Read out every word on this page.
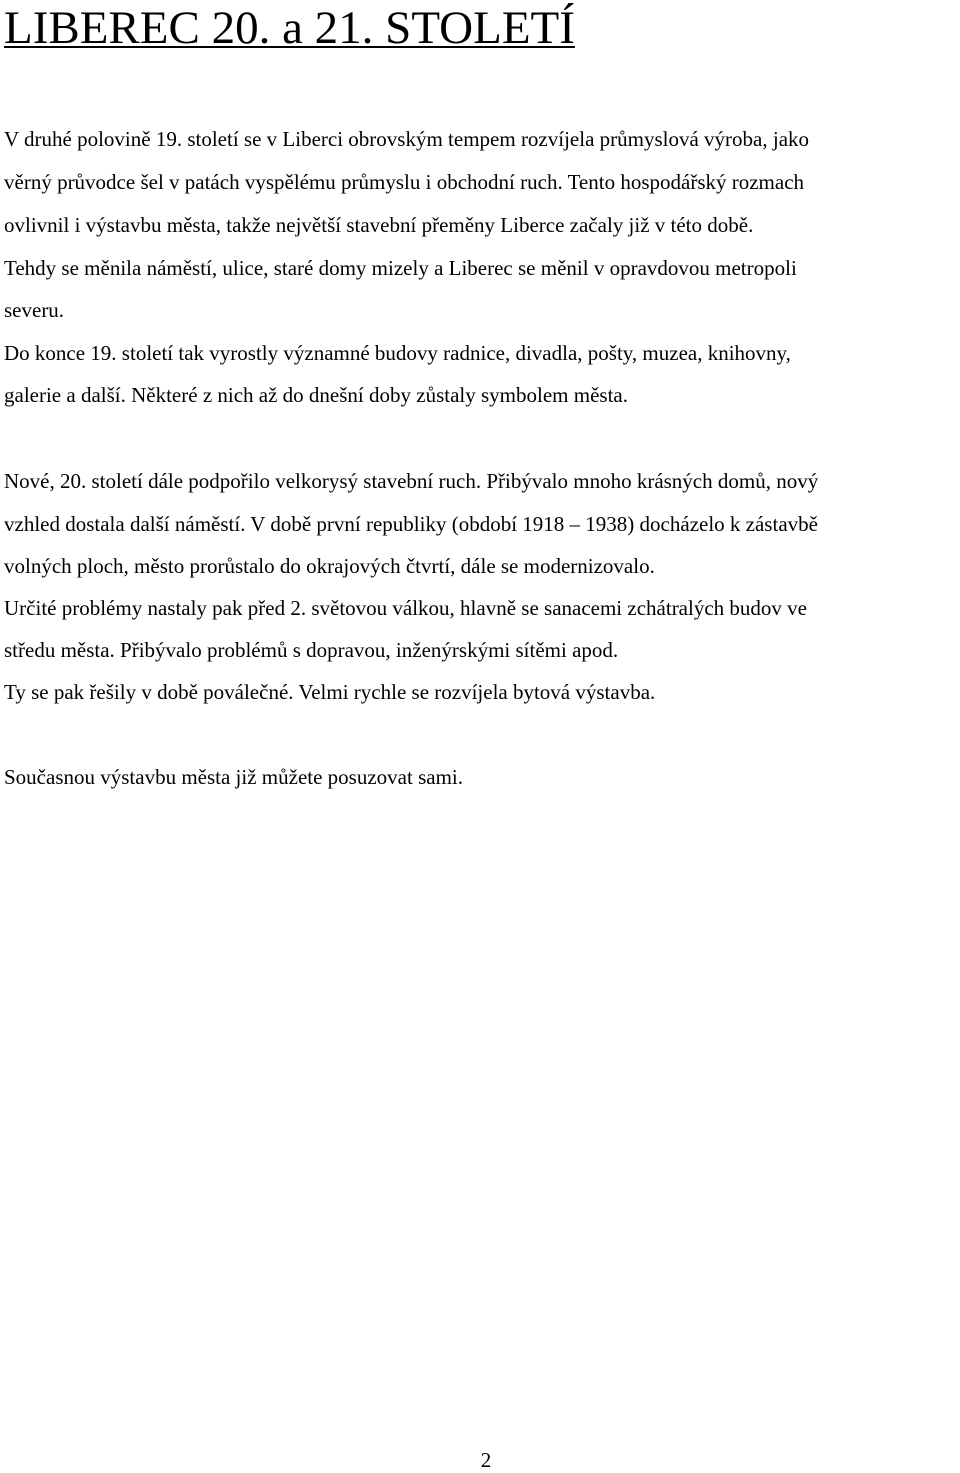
LIBEREC 20. a 21. STOLETÍ

V druhé polovině 19. století se v Liberci obrovským tempem rozvíjela průmyslová výroba, jako

věrný průvodce šel v patách vyspělému průmyslu i obchodní ruch. Tento hospodářský rozmach

ovlivnil i výstavbu města, takže největší stavební přeměny Liberce začaly již v této době.

Tehdy se měnila náměstí, ulice, staré domy mizely a Liberec se měnil v opravdovou metropoli

severu.

Do konce 19. století tak vyrostly významné budovy radnice, divadla, pošty, muzea, knihovny,

galerie a další. Některé z nich až do dnešní doby zůstaly symbolem města.

Nové, 20. století dále podpořilo velkorysý stavební ruch. Přibývalo mnoho krásných domů, nový

vzhled dostala další náměstí. V době první republiky (období 1918 – 1938) docházelo k zástavbě

volných ploch, město prorůstalo do okrajových čtvrtí, dále se modernizovalo.

Určité problémy nastaly pak před 2. světovou válkou, hlavně se sanacemi zchátralých budov ve

středu města. Přibývalo problémů s dopravou, inženýrskými sítěmi apod.

Ty se pak řešily v době poválečné. Velmi rychle se rozvíjela bytová výstavba.

Současnou výstavbu města již můžete posuzovat sami.

2
